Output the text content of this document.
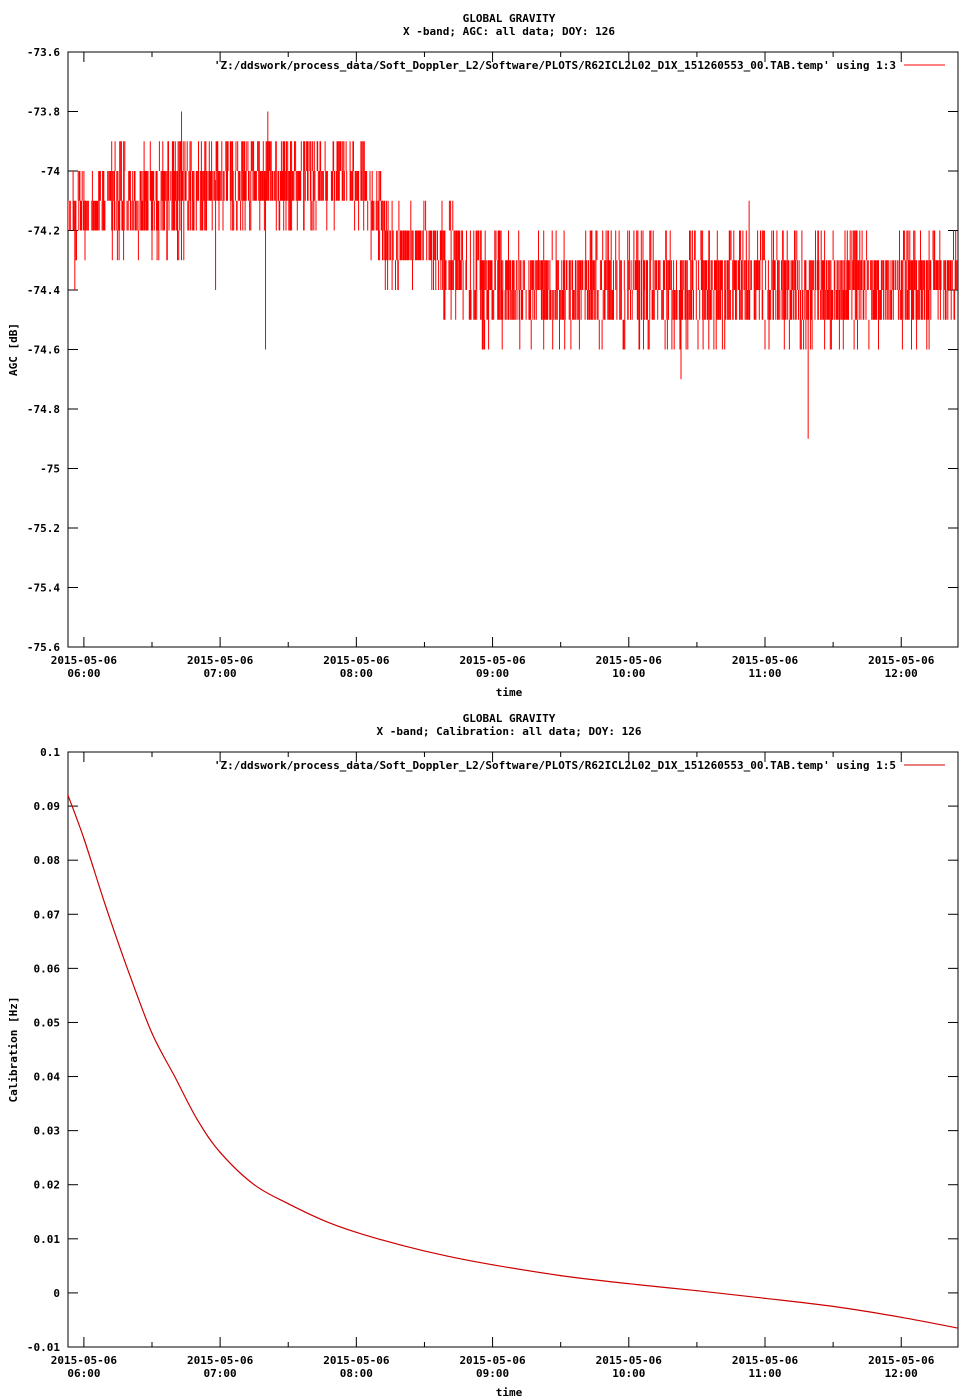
GLOBAL GRAVITY
X -band; AGC: all data; DOY: 126
-73.6
-73.8
-74
-74.2
-74.4
-74.6
-74.8
-75
-75.2
-75.4
-75.6
2015-05-06
06:00
2015-05-06
07:00
2015-05-06
08:00
2015-05-06
09:00
2015-05-06
10:00
2015-05-06
11:00
2015-05-06
12:00
time
AGC [dB]
'Z:/ddswork/process_data/Soft_Doppler_L2/Software/PLOTS/R62ICL2L02_D1X_151260553_00.TAB.temp' using 1:3
GLOBAL GRAVITY
X -band; Calibration: all data; DOY: 126
0.1
0.09
0.08
0.07
0.06
0.05
0.04
0.03
0.02
0.01
0
-0.01
2015-05-06
06:00
2015-05-06
07:00
2015-05-06
08:00
2015-05-06
09:00
2015-05-06
10:00
2015-05-06
11:00
2015-05-06
12:00
time
Calibration [Hz]
'Z:/ddswork/process_data/Soft_Doppler_L2/Software/PLOTS/R62ICL2L02_D1X_151260553_00.TAB.temp' using 1:5
